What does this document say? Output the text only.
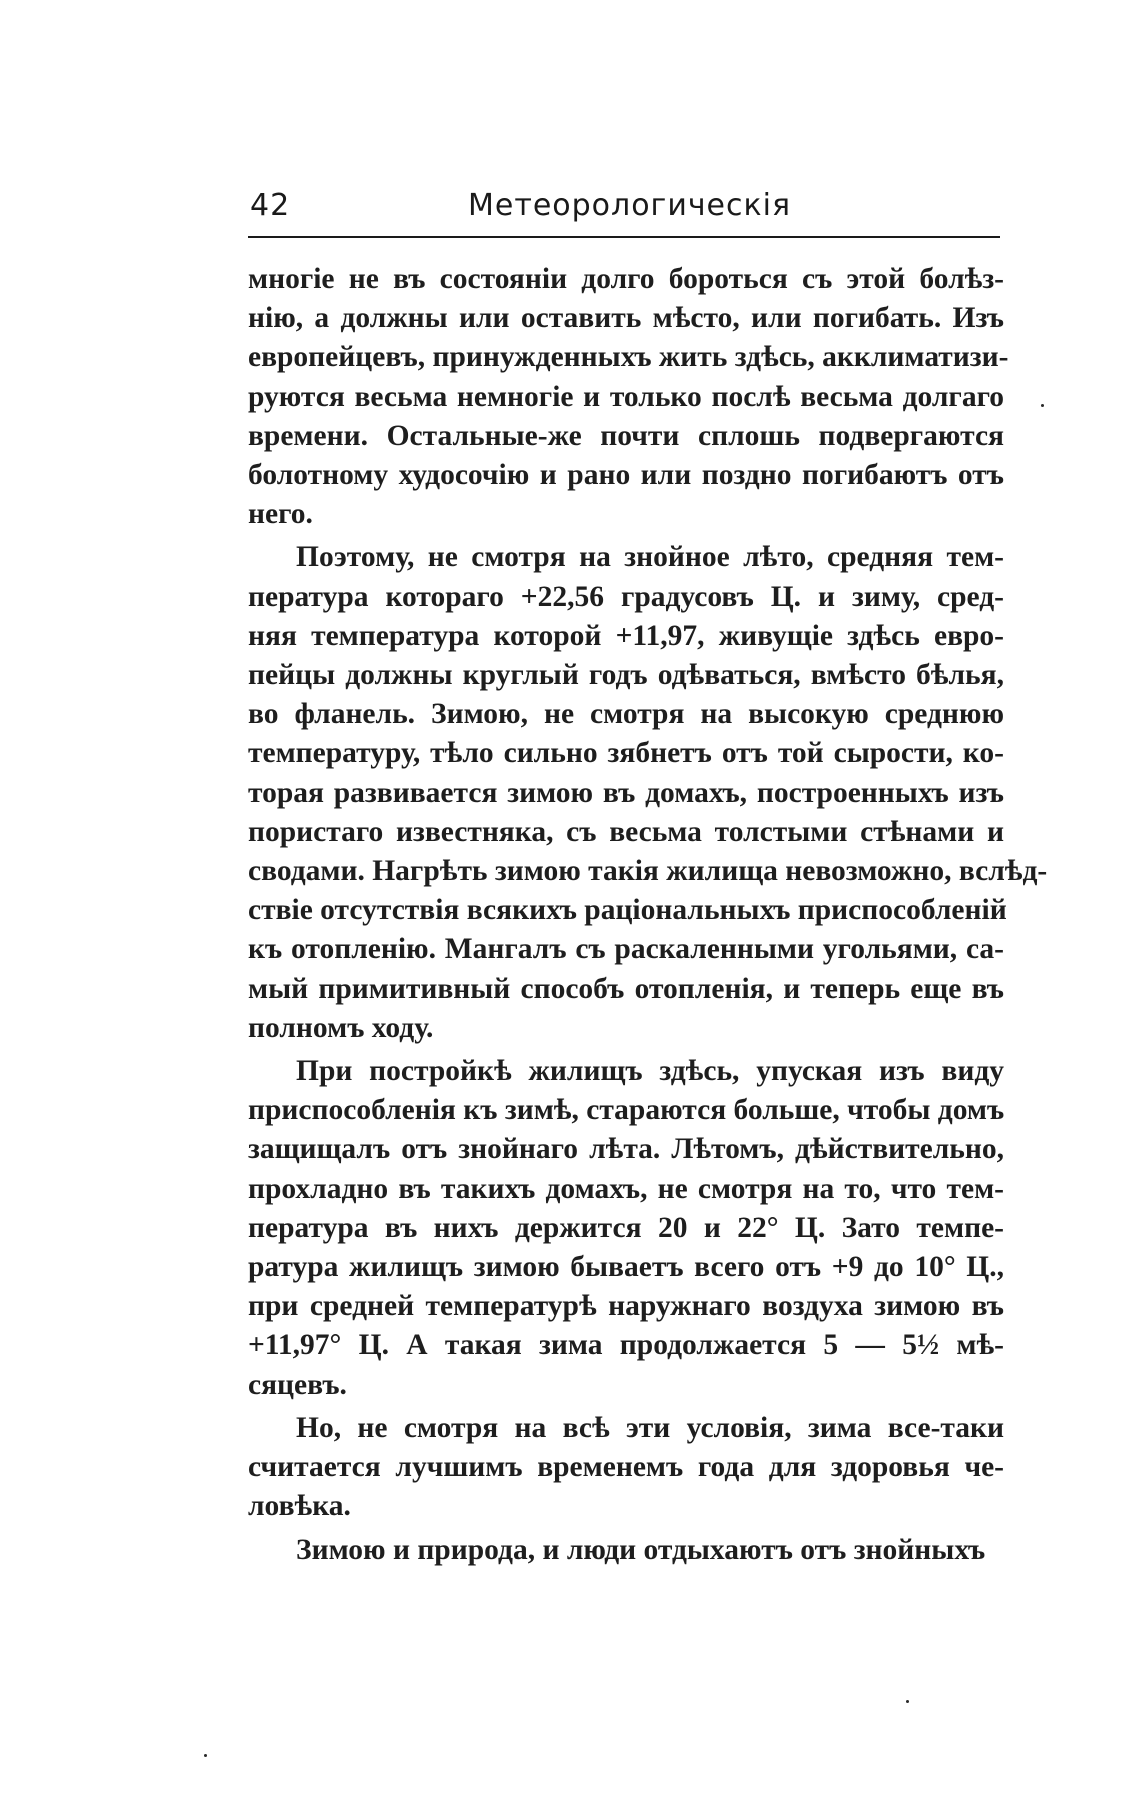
42	Метеорологическія
многіе не въ состояніи долго бороться съ этой болѣз-
нію, а должны или оставить мѣсто, или погибать. Изъ
европейцевъ, принужденныхъ жить здѣсь, акклиматизи-
руются весьма немногіе и только послѣ весьма долгаго
времени. Остальные-же почти сплошь подвергаются
болотному худосочію и рано или поздно погибаютъ отъ
него.
Поэтому, не смотря на знойное лѣто, средняя тем-
пература котораго +22,56 градусовъ Ц. и зиму, сред-
няя температура которой +11,97, живущіе здѣсь евро-
пейцы должны круглый годъ одѣваться, вмѣсто бѣлья,
во фланель. Зимою, не смотря на высокую среднюю
температуру, тѣло сильно зябнетъ отъ той сырости, ко-
торая развивается зимою въ домахъ, построенныхъ изъ
пористаго известняка, съ весьма толстыми стѣнами и
сводами. Нагрѣть зимою такія жилища невозможно, вслѣд-
ствіе отсутствія всякихъ раціональныхъ приспособленій
къ отопленію. Мангалъ съ раскаленными угольями, са-
мый примитивный способъ отопленія, и теперь еще въ
полномъ ходу.
При постройкѣ жилищъ здѣсь, упуская изъ виду
приспособленія къ зимѣ, стараются больше, чтобы домъ
защищалъ отъ знойнаго лѣта. Лѣтомъ, дѣйствительно,
прохладно въ такихъ домахъ, не смотря на то, что тем-
пература въ нихъ держится 20 и 22° Ц. Зато темпе-
ратура жилищъ зимою бываетъ всего отъ +9 до 10° Ц.,
при средней температурѣ наружнаго воздуха зимою въ
+11,97° Ц. А такая зима продолжается 5 — 5½ мѣ-
сяцевъ.
Но, не смотря на всѣ эти условія, зима все-таки
считается лучшимъ временемъ года для здоровья че-
ловѣка.
Зимою и природа, и люди отдыхаютъ отъ знойныхъ
